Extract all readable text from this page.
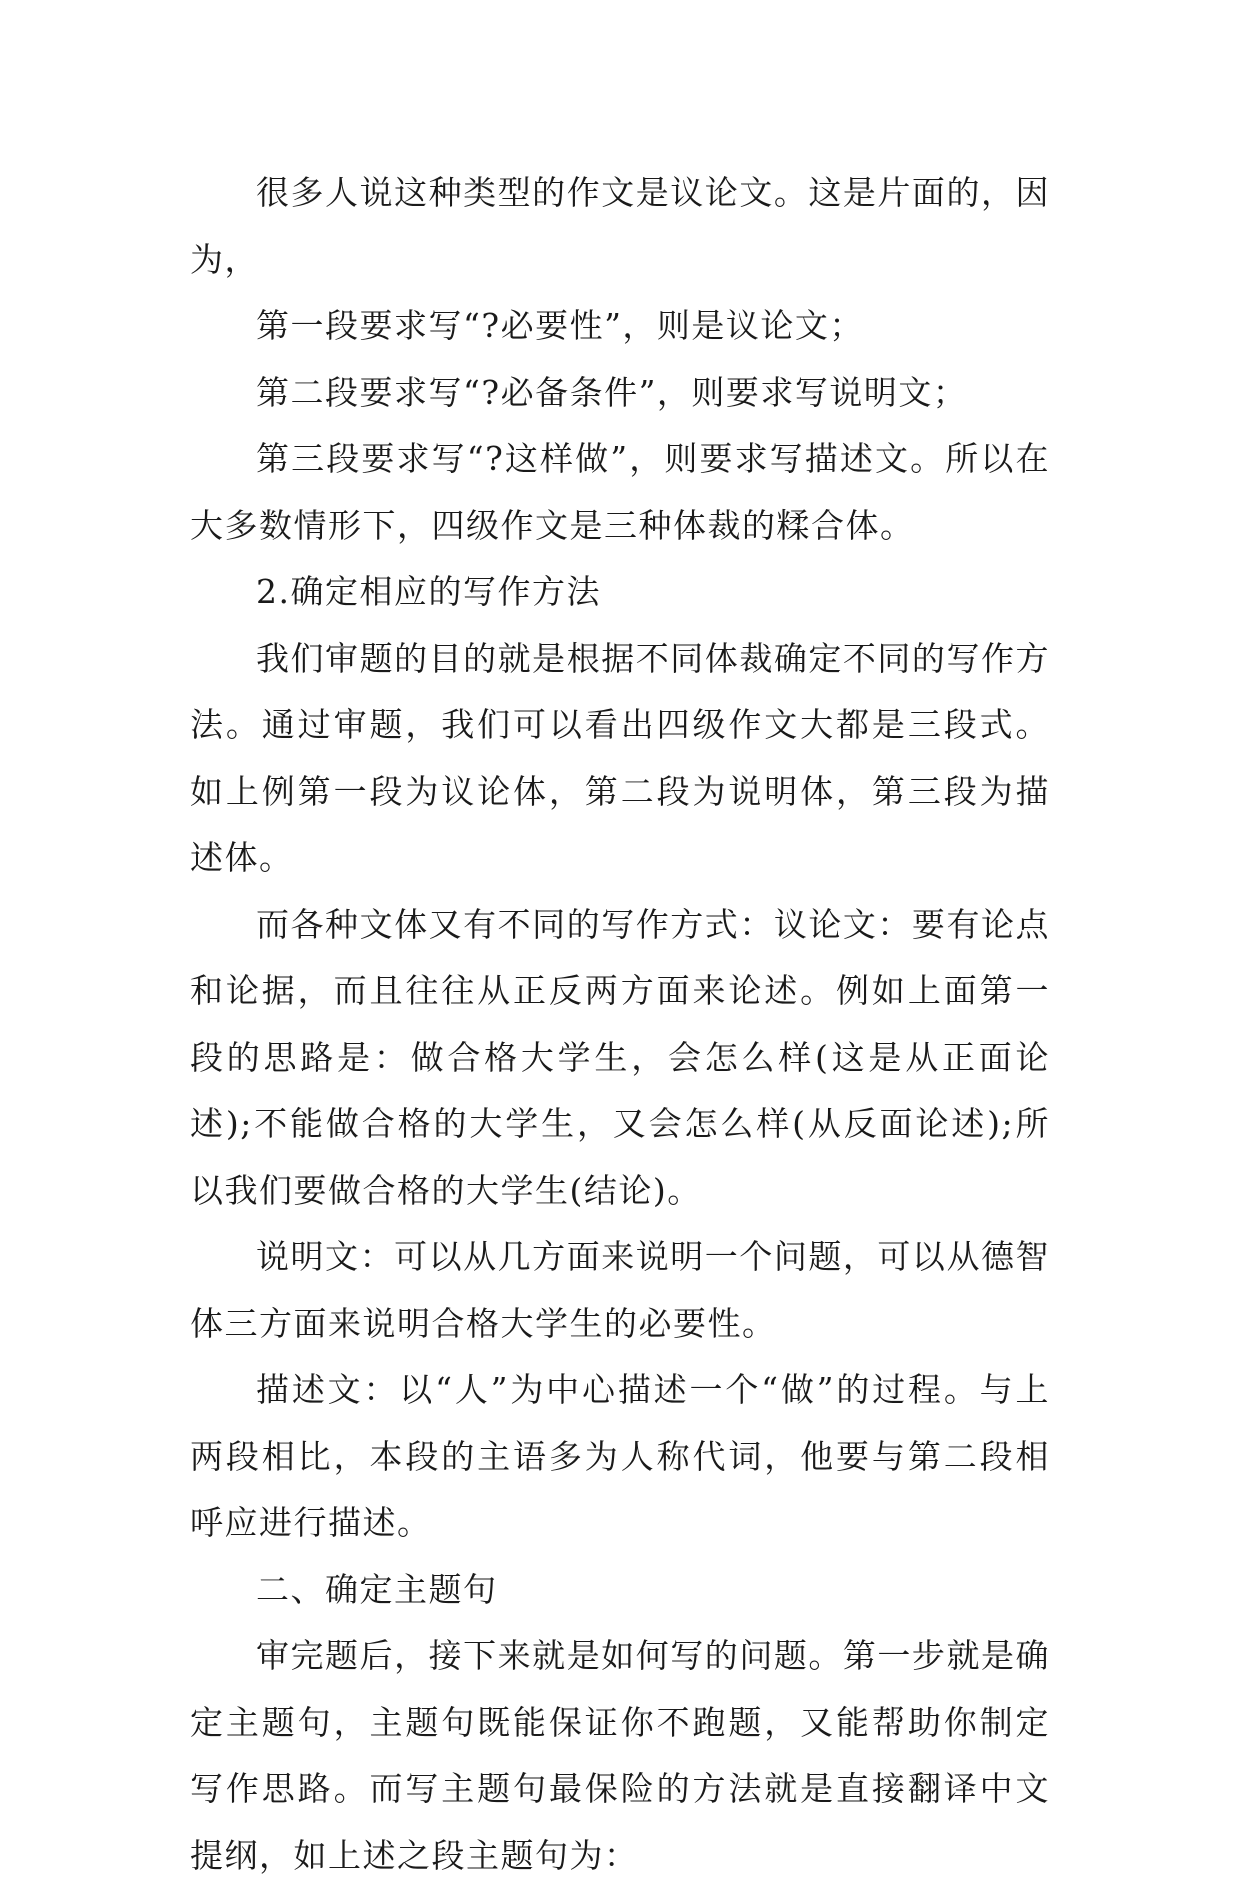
很多人说这种类型的作文是议论文。这是片面的，因为，

第一段要求写“?必要性”，则是议论文；

第二段要求写“?必备条件”，则要求写说明文；

第三段要求写“?这样做”，则要求写描述文。所以在大多数情形下，四级作文是三种体裁的糅合体。

2.确定相应的写作方法

我们审题的目的就是根据不同体裁确定不同的写作方法。通过审题，我们可以看出四级作文大都是三段式。如上例第一段为议论体，第二段为说明体，第三段为描述体。

而各种文体又有不同的写作方式：议论文：要有论点和论据，而且往往从正反两方面来论述。例如上面第一段的思路是：做合格大学生，会怎么样(这是从正面论述);不能做合格的大学生，又会怎么样(从反面论述);所以我们要做合格的大学生(结论)。

说明文：可以从几方面来说明一个问题，可以从德智体三方面来说明合格大学生的必要性。

描述文：以“人”为中心描述一个“做”的过程。与上两段相比，本段的主语多为人称代词，他要与第二段相呼应进行描述。

二、确定主题句

审完题后，接下来就是如何写的问题。第一步就是确定主题句，主题句既能保证你不跑题，又能帮助你制定写作思路。而写主题句最保险的方法就是直接翻译中文提纲，如上述之段主题句为：
